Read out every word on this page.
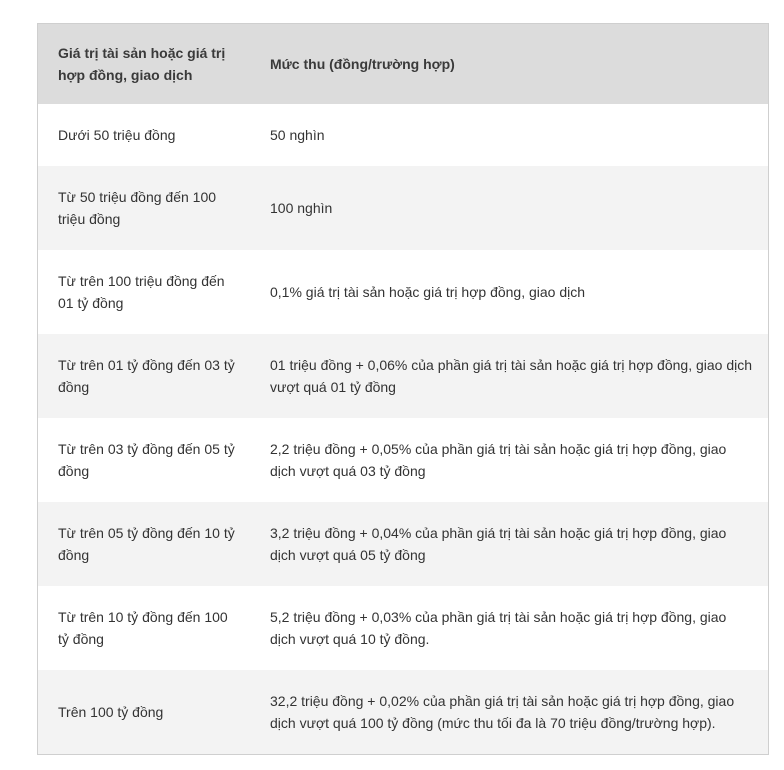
Giá trị tài sản hoặc giá trị hợp đồng, giao dịch	Mức thu (đồng/trường hợp)
Dưới 50 triệu đồng	50 nghìn
Từ 50 triệu đồng đến 100 triệu đồng	100 nghìn
Từ trên 100 triệu đồng đến 01 tỷ đồng	0,1% giá trị tài sản hoặc giá trị hợp đồng, giao dịch
Từ trên 01 tỷ đồng đến 03 tỷ đồng	01 triệu đồng + 0,06% của phần giá trị tài sản hoặc giá trị hợp đồng, giao dịch vượt quá 01 tỷ đồng
Từ trên 03 tỷ đồng đến 05 tỷ đồng	2,2 triệu đồng + 0,05% của phần giá trị tài sản hoặc giá trị hợp đồng, giao dịch vượt quá 03 tỷ đồng
Từ trên 05 tỷ đồng đến 10 tỷ đồng	3,2 triệu đồng + 0,04% của phần giá trị tài sản hoặc giá trị hợp đồng, giao dịch vượt quá 05 tỷ đồng
Từ trên 10 tỷ đồng đến 100 tỷ đồng	5,2 triệu đồng + 0,03% của phần giá trị tài sản hoặc giá trị hợp đồng, giao dịch vượt quá 10 tỷ đồng.
Trên 100 tỷ đồng	32,2 triệu đồng + 0,02% của phần giá trị tài sản hoặc giá trị hợp đồng, giao dịch vượt quá 100 tỷ đồng (mức thu tối đa là 70 triệu đồng/trường hợp).
